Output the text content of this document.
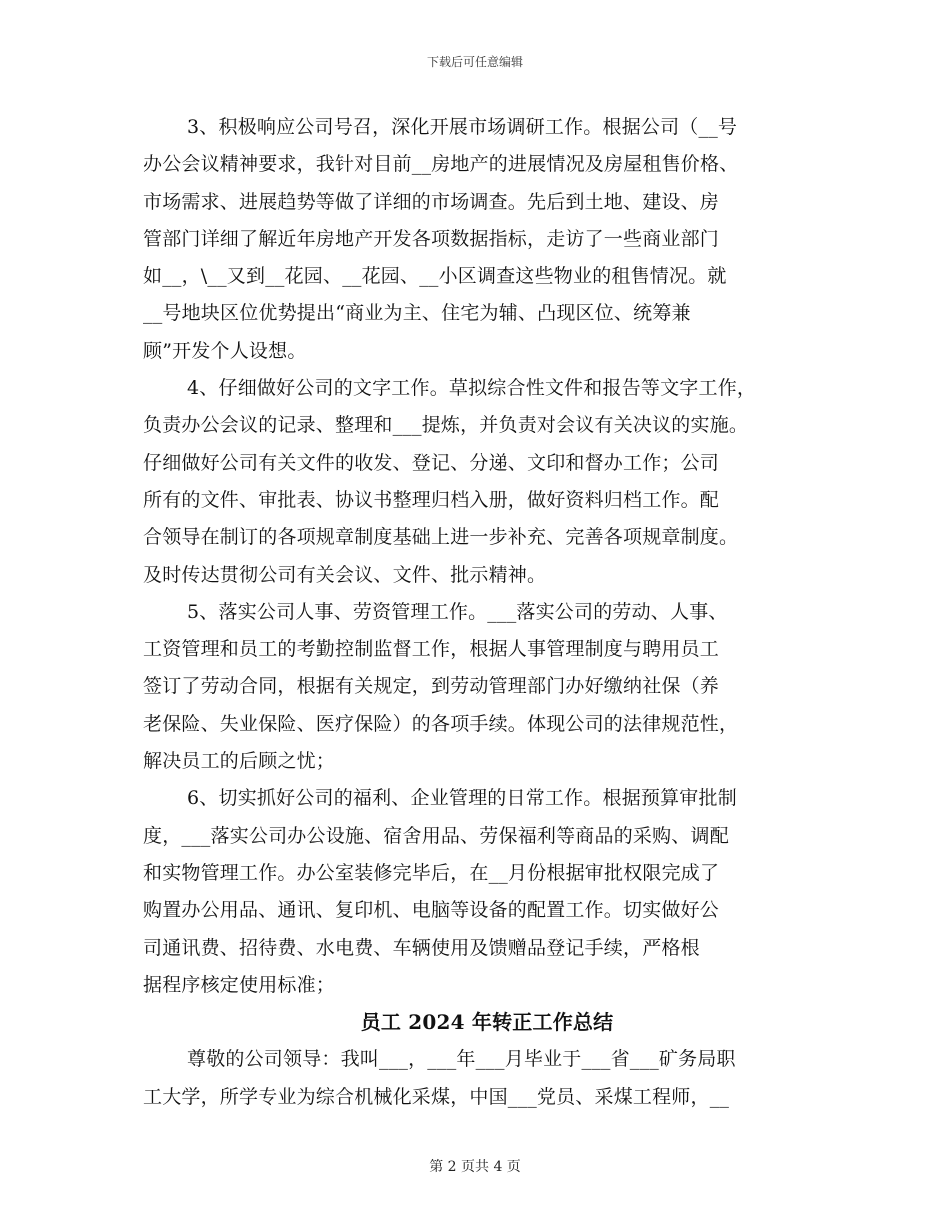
下载后可任意编辑
3、积极响应公司号召，深化开展市场调研工作。根据公司（__号
办公会议精神要求，我针对目前__房地产的进展情况及房屋租售价格、
市场需求、进展趋势等做了详细的市场调查。先后到土地、建设、房
管部门详细了解近年房地产开发各项数据指标，走访了一些商业部门
如__，\__又到__花园、__花园、__小区调查这些物业的租售情况。就
__号地块区位优势提出“商业为主、住宅为辅、凸现区位、统筹兼
顾”开发个人设想。
4、仔细做好公司的文字工作。草拟综合性文件和报告等文字工作，
负责办公会议的记录、整理和___提炼，并负责对会议有关决议的实施。
仔细做好公司有关文件的收发、登记、分递、文印和督办工作；公司
所有的文件、审批表、协议书整理归档入册，做好资料归档工作。配
合领导在制订的各项规章制度基础上进一步补充、完善各项规章制度。
及时传达贯彻公司有关会议、文件、批示精神。
5、落实公司人事、劳资管理工作。___落实公司的劳动、人事、
工资管理和员工的考勤控制监督工作，根据人事管理制度与聘用员工
签订了劳动合同，根据有关规定，到劳动管理部门办好缴纳社保（养
老保险、失业保险、医疗保险）的各项手续。体现公司的法律规范性，
解决员工的后顾之忧；
6、切实抓好公司的福利、企业管理的日常工作。根据预算审批制
度，___落实公司办公设施、宿舍用品、劳保福利等商品的采购、调配
和实物管理工作。办公室装修完毕后，在__月份根据审批权限完成了
购置办公用品、通讯、复印机、电脑等设备的配置工作。切实做好公
司通讯费、招待费、水电费、车辆使用及馈赠品登记手续，严格根
据程序核定使用标准；
员工 2024 年转正工作总结
尊敬的公司领导：我叫___，___年___月毕业于___省___矿务局职
工大学，所学专业为综合机械化采煤，中国___党员、采煤工程师，__
第 2 页共 4 页
